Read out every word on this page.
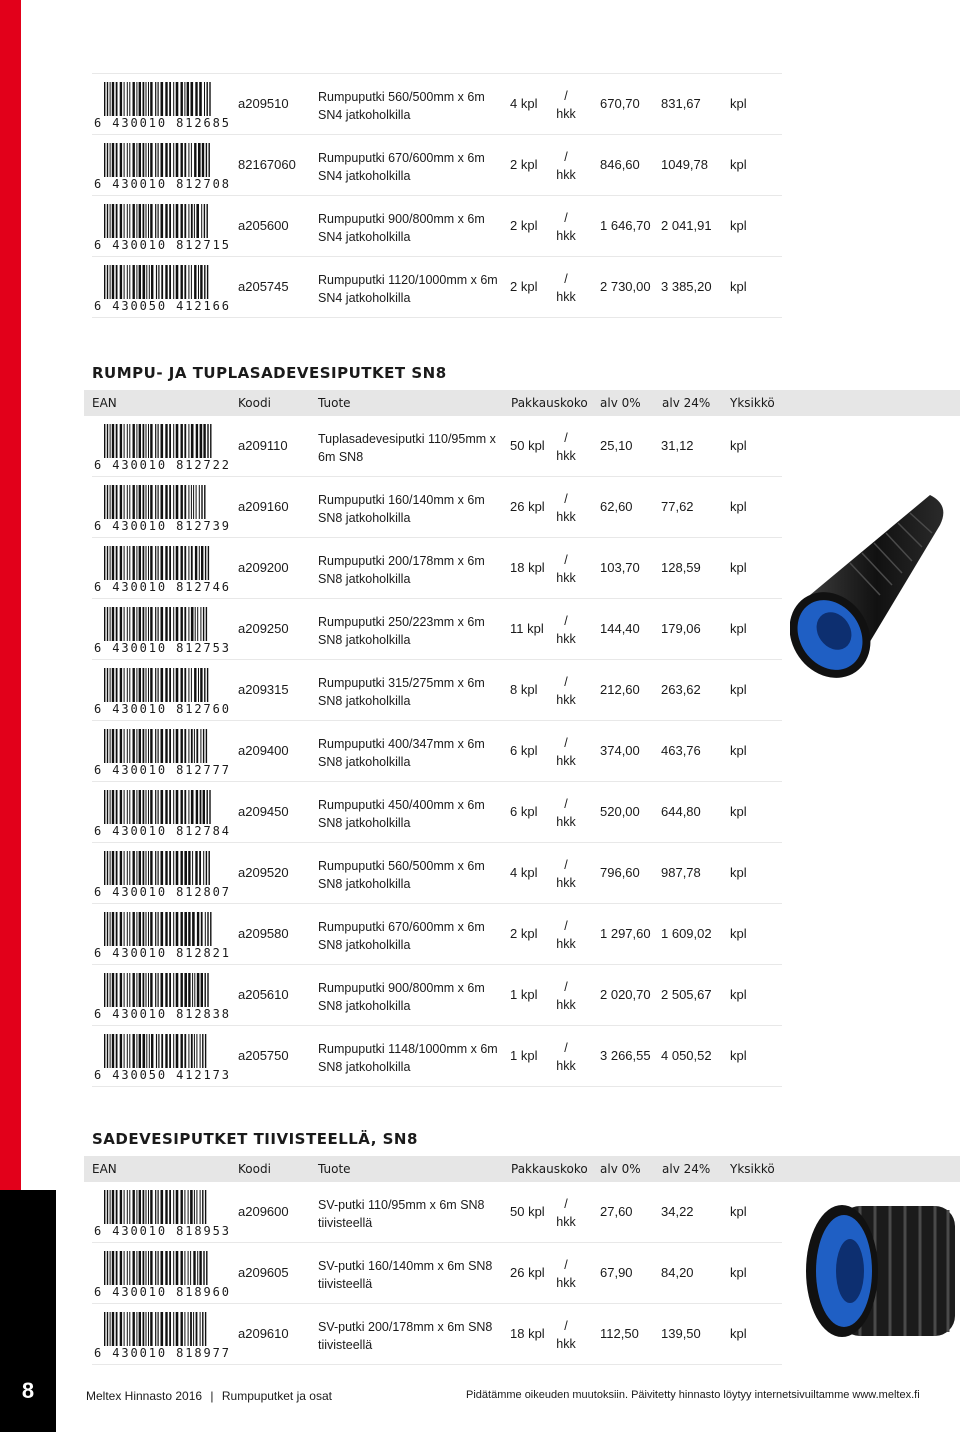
8
6 430010 812685
a209510 Rumpuputki 560/500mm x 6m SN4 jatkoholkilla
4 kpl	/
hkk
670,70 831,67 kpl
6 430010 812708
82167060 Rumpuputki 670/600mm x 6m SN4 jatkoholkilla
2 kpl	/
hkk
846,60 1049,78 kpl
6 430010 812715
a205600 Rumpuputki 900/800mm x 6m SN4 jatkoholkilla
2 kpl	/
hkk
1 646,70 2 041,91 kpl
6 430050 412166
a205745 Rumpuputki 1120/1000mm x 6m SN4 jatkoholkilla
2 kpl	/
hkk
2 730,00 3 385,20 kpl
RUMPU- JA TUPLASADEVESIPUTKET SN8
EAN	Koodi	Tuote	Pakkauskoko alv 0% alv 24% Yksikkö
6 430010 812722
a209110 Tuplasadevesiputki 110/95mm x 6m SN8
50 kpl	/
hkk
25,10 31,12	kpl
6 430010 812739
a209160 Rumpuputki 160/140mm x 6m SN8 jatkoholkilla
26 kpl	/
hkk
62,60 77,62	kpl
6 430010 812746
a209200 Rumpuputki 200/178mm x 6m SN8 jatkoholkilla
18 kpl	/
hkk
103,70 128,59 kpl
6 430010 812753
a209250 Rumpuputki 250/223mm x 6m SN8 jatkoholkilla
11 kpl	/
hkk
144,40 179,06 kpl
6 430010 812760
a209315 Rumpuputki 315/275mm x 6m SN8 jatkoholkilla
8 kpl	/
hkk
212,60 263,62 kpl
6 430010 812777
a209400 Rumpuputki 400/347mm x 6m SN8 jatkoholkilla
6 kpl	/
hkk
374,00 463,76 kpl
6 430010 812784
a209450 Rumpuputki 450/400mm x 6m SN8 jatkoholkilla
6 kpl	/
hkk
520,00 644,80 kpl
6 430010 812807
a209520 Rumpuputki 560/500mm x 6m SN8 jatkoholkilla
4 kpl	/
hkk
796,60 987,78 kpl
6 430010 812821
a209580 Rumpuputki 670/600mm x 6m SN8 jatkoholkilla
2 kpl	/
hkk
1 297,60 1 609,02 kpl
6 430010 812838
a205610 Rumpuputki 900/800mm x 6m SN8 jatkoholkilla
1 kpl	/
hkk
2 020,70 2 505,67 kpl
6 430050 412173
a205750 Rumpuputki 1148/1000mm x 6m SN8 jatkoholkilla
1 kpl	/
hkk
3 266,55 4 050,52 kpl
SADEVESIPUTKET TIIVISTEELLÄ, SN8
EAN	Koodi	Tuote	Pakkauskoko alv 0% alv 24% Yksikkö
6 430010 818953
a209600 SV-putki 110/95mm x 6m SN8 tiivisteellä
50 kpl	/
hkk
27,60 34,22	kpl
6 430010 818960
a209605 SV-putki 160/140mm x 6m SN8 tiivisteellä
26 kpl	/
hkk
67,90 84,20	kpl
6 430010 818977
a209610 SV-putki 200/178mm x 6m SN8 tiivisteellä
18 kpl	/
hkk
112,50 139,50 kpl
Meltex Hinnasto 2016 | Rumpuputket ja osat	Pidätämme oikeuden muutoksiin. Päivitetty hinnasto löytyy internetsivuiltamme www.meltex.fi
